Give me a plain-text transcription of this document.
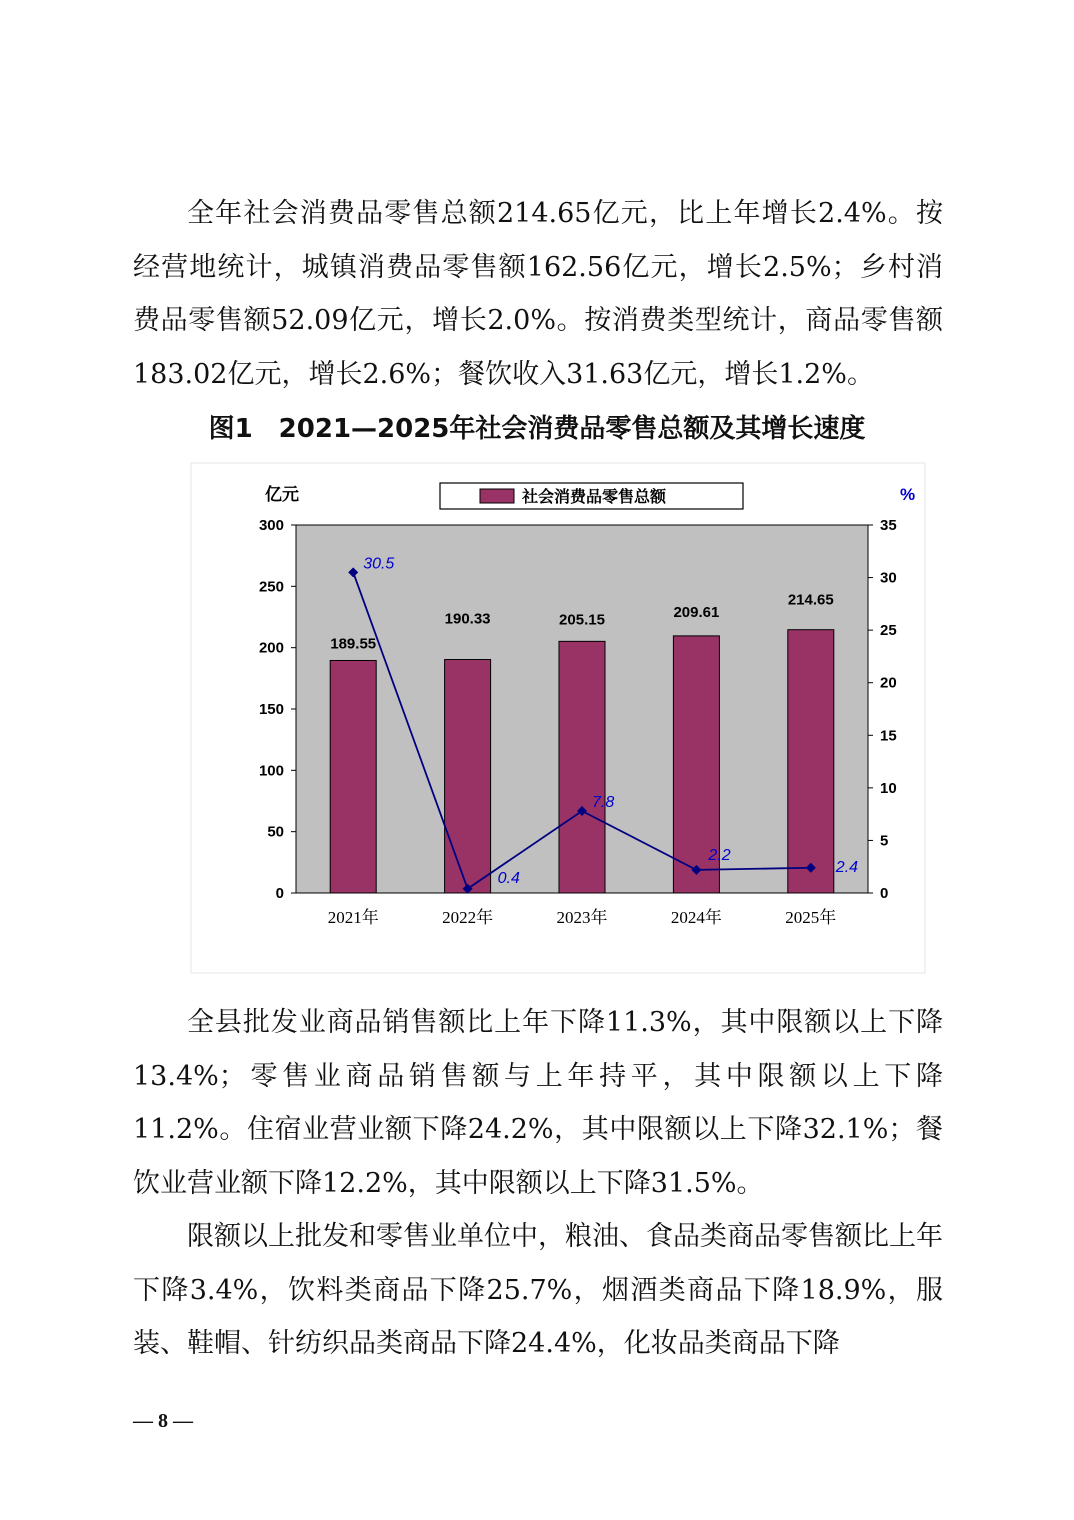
全年社会消费品零售总额214.65亿元，比上年增长2.4%。按经营地统计，城镇消费品零售额162.56亿元，增长2.5%；乡村消费品零售额52.09亿元，增长2.0%。按消费类型统计，商品零售额183.02亿元，增长2.6%；餐饮收入31.63亿元，增长1.2%。

图1 2021—2025年社会消费品零售总额及其增长速度

0
50
100
150
200
250
300
0
5
10
15
20
25
30
35
亿元	%
社会消费品零售总额
189.55
190.33	205.15	209.61
214.65
30.5
0.4
7.8
2.2
2.4
2021年	2022年	2023年	2024年	2025年

全县批发业商品销售额比上年下降11.3%，其中限额以上下降13.4%；零售业商品销售额与上年持平，其中限额以上下降11.2%。住宿业营业额下降24.2%，其中限额以上下降32.1%；餐饮业营业额下降12.2%，其中限额以上下降31.5%。

限额以上批发和零售业单位中，粮油、食品类商品零售额比上年下降3.4%，饮料类商品下降25.7%，烟酒类商品下降18.9%，服装、鞋帽、针纺织品类商品下降24.4%，化妆品类商品下降

— 8 —
